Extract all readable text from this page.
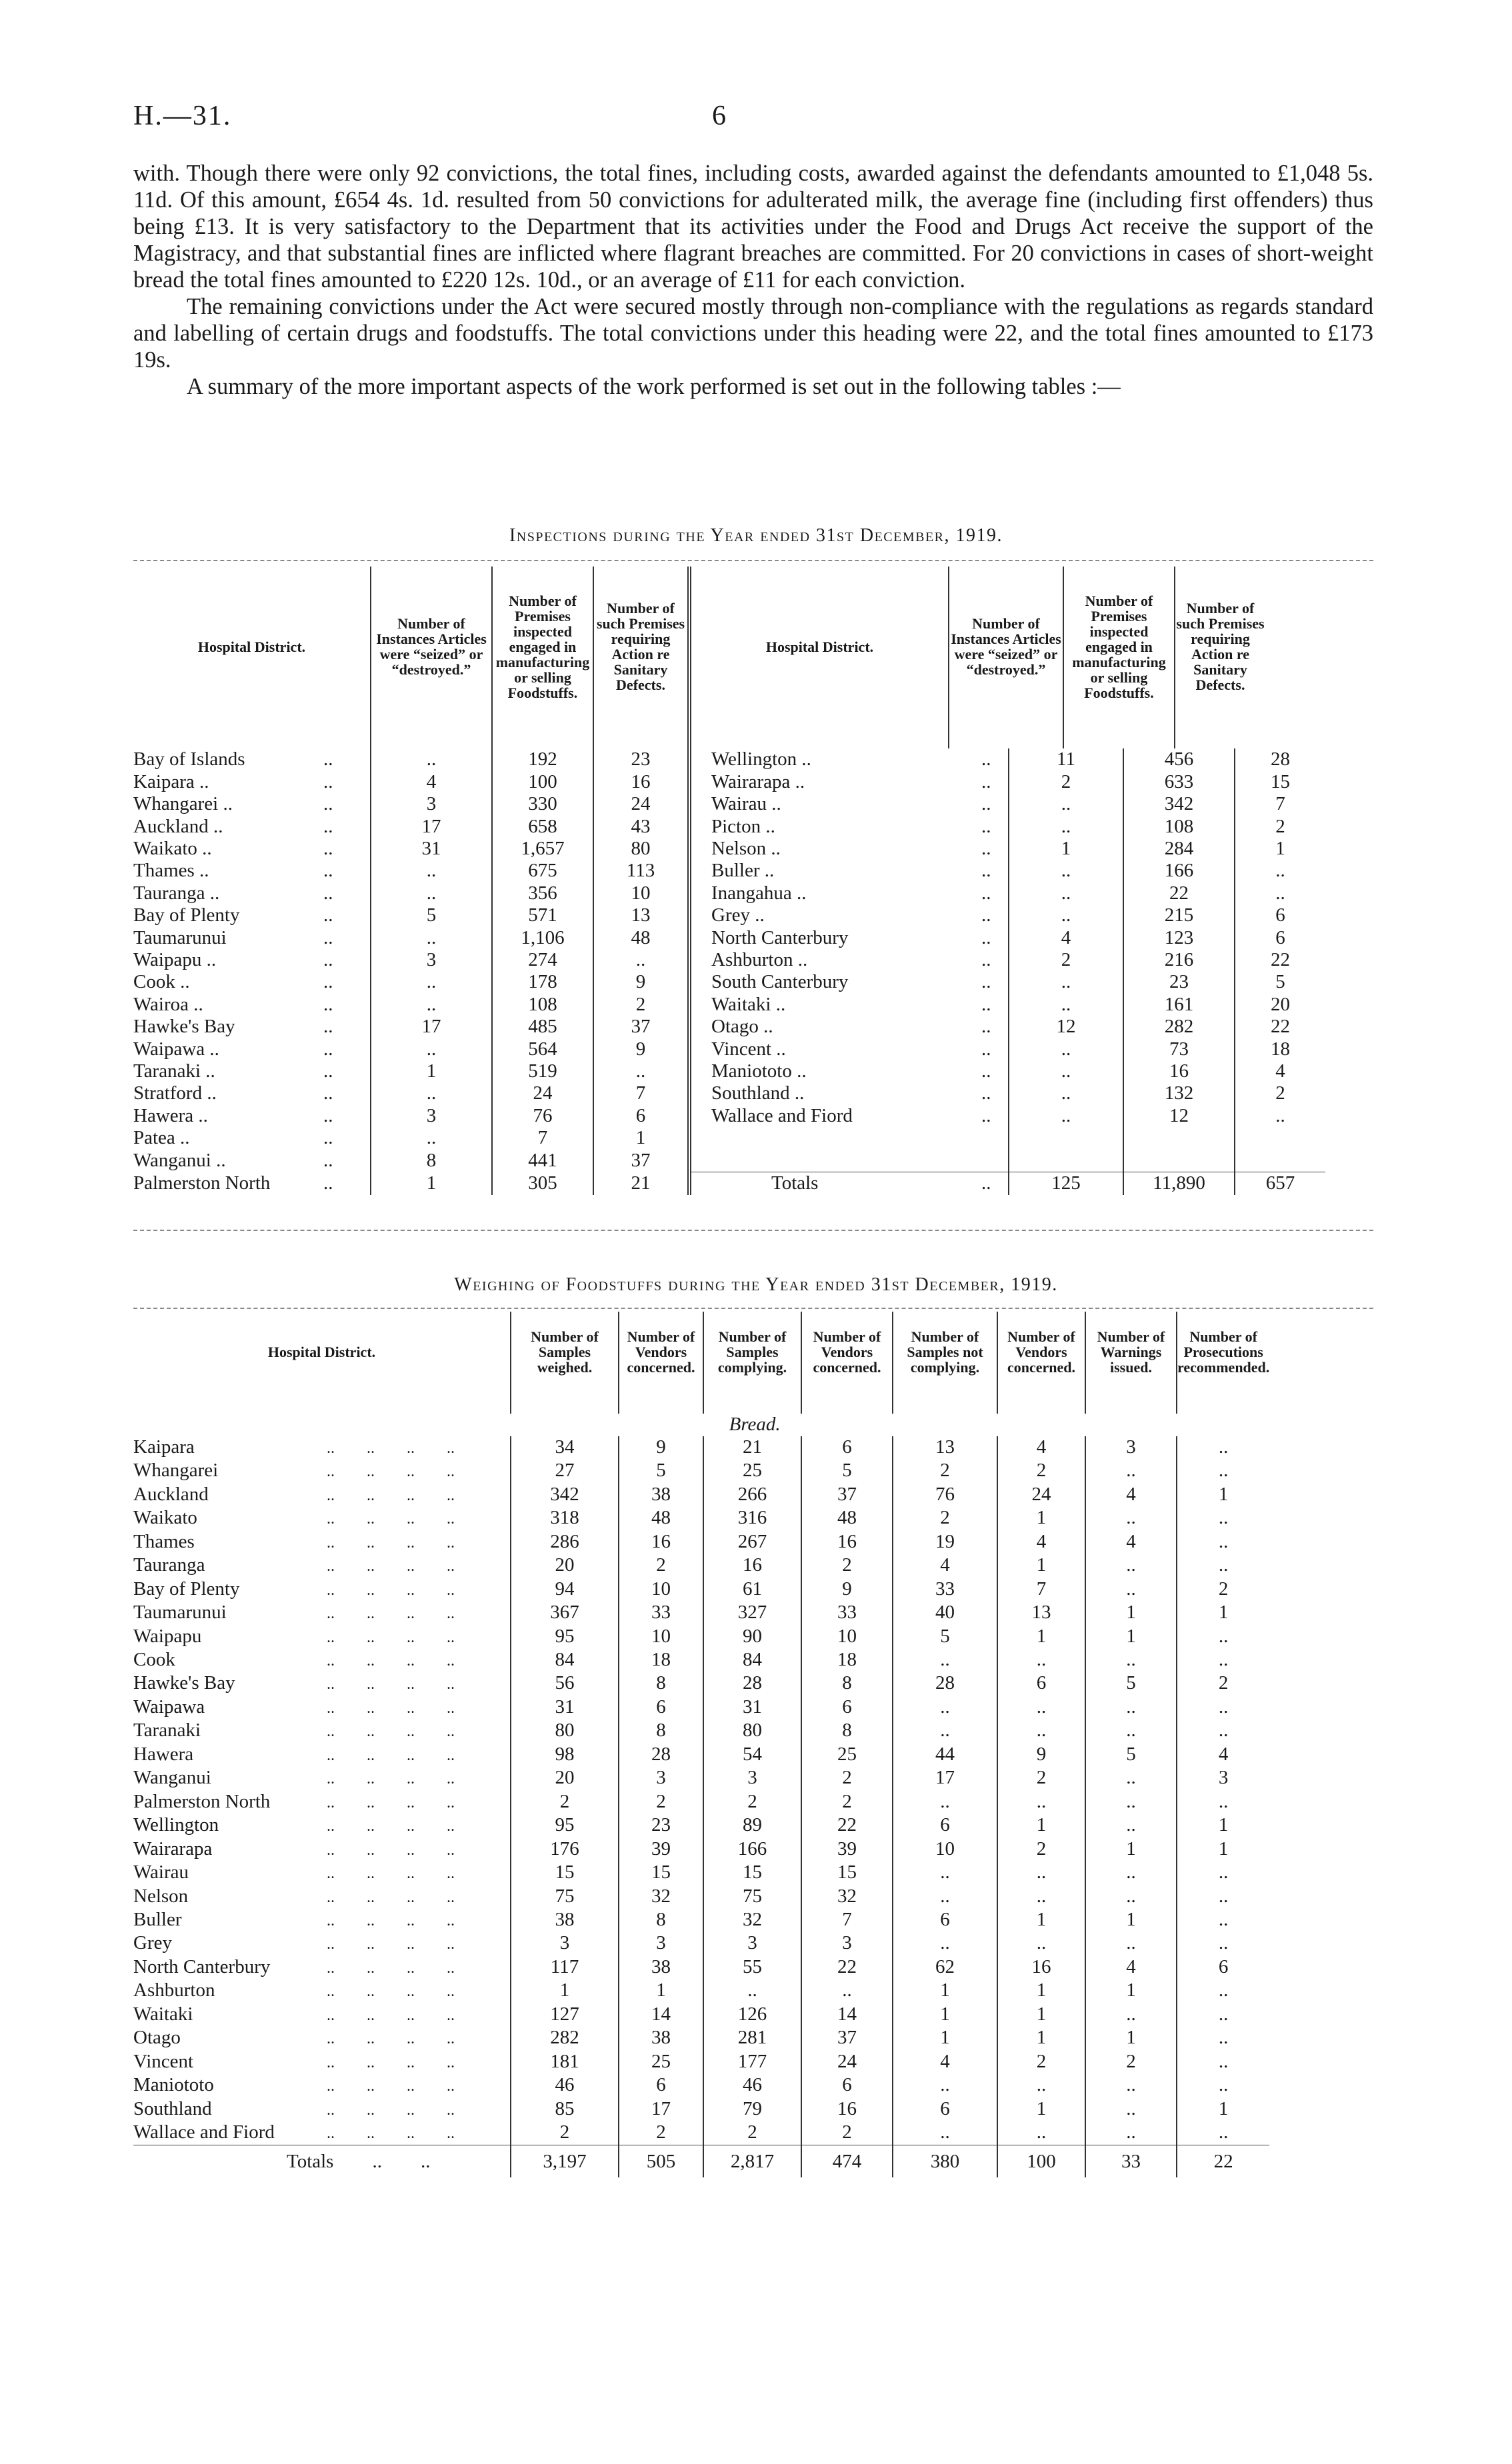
H.—31.	6

with. Though there were only 92 convictions, the total fines, including costs, awarded against the defendants amounted to £1,048 5s. 11d. Of this amount, £654 4s. 1d. resulted from 50 convictions for adulterated milk, the average fine (including first offenders) thus being £13. It is very satisfactory to the Department that its activities under the Food and Drugs Act receive the support of the Magistracy, and that substantial fines are inflicted where flagrant breaches are committed. For 20 convictions in cases of short-weight bread the total fines amounted to £220 12s. 10d., or an average of £11 for each conviction.

The remaining convictions under the Act were secured mostly through non-compliance with the regulations as regards standard and labelling of certain drugs and foodstuffs. The total convictions under this heading were 22, and the total fines amounted to £173 19s.

A summary of the more important aspects of the work performed is set out in the following tables :—

Inspections during the Year ended 31st December, 1919.
Hospital District.	Number of Instances Articles were “seized” or “destroyed.”	Number of Premises inspected engaged in manufacturing or selling Foodstuffs.	Number of such Premises requiring Action re Sanitary Defects.	Hospital District.	Number of Instances Articles were “seized” or “destroyed.”	Number of Premises inspected engaged in manufacturing or selling Foodstuffs.	Number of such Premises requiring Action re Sanitary Defects.

Bay of Islands	..	..	192	23	Wellington ..	..	11	456	28
Kaipara ..	..	4	100	16	Wairarapa ..	..	2	633	15
Whangarei ..	..	3	330	24	Wairau ..	..	..	342	7
Auckland ..	..	17	658	43	Picton ..	..	..	108	2
Waikato ..	..	31	1,657	80	Nelson ..	..	1	284	1
Thames ..	..	..	675	113	Buller ..	..	..	166	..
Tauranga ..	..	..	356	10	Inangahua ..	..	..	22	..
Bay of Plenty	..	5	571	13	Grey ..	..	..	215	6
Taumarunui	..	..	1,106	48	North Canterbury	..	4	123	6
Waipapu ..	..	3	274	..	Ashburton ..	..	2	216	22
Cook ..	..	..	178	9	South Canterbury	..	..	23	5
Wairoa ..	..	..	108	2	Waitaki ..	..	..	161	20
Hawke's Bay	..	17	485	37	Otago ..	..	12	282	22
Waipawa ..	..	..	564	9	Vincent ..	..	..	73	18
Taranaki ..	..	1	519	..	Maniototo ..	..	..	16	4
Stratford ..	..	..	24	7	Southland ..	..	..	132	2
Hawera ..	..	3	76	6	Wallace and Fiord	..	..	12	..
Patea ..	..	..	7	1					
Wanganui ..	..	8	441	37					
Palmerston North	..	1	305	21	Totals	..	125	11,890	657
Weighing of Foodstuffs during the Year ended 31st December, 1919.
Hospital District.	Number of Samples weighed.	Number of Vendors concerned.	Number of Samples complying.	Number of Vendors concerned.	Number of Samples not complying.	Number of Vendors concerned.	Number of Warnings issued.	Number of Prosecutions recommended.

Bread.								
Kaipara ..        ..        ..        ..	34	9	21	6	13	4	3	..
Whangarei ..        ..        ..        ..	27	5	25	5	2	2	..	..
Auckland ..        ..        ..        ..	342	38	266	37	76	24	4	1
Waikato ..        ..        ..        ..	318	48	316	48	2	1	..	..
Thames ..        ..        ..        ..	286	16	267	16	19	4	4	..
Tauranga ..        ..        ..        ..	20	2	16	2	4	1	..	..
Bay of Plenty ..        ..        ..        ..	94	10	61	9	33	7	..	2
Taumarunui ..        ..        ..        ..	367	33	327	33	40	13	1	1
Waipapu ..        ..        ..        ..	95	10	90	10	5	1	1	..
Cook ..        ..        ..        ..	84	18	84	18	..	..	..	..
Hawke's Bay ..        ..        ..        ..	56	8	28	8	28	6	5	2
Waipawa ..        ..        ..        ..	31	6	31	6	..	..	..	..
Taranaki ..        ..        ..        ..	80	8	80	8	..	..	..	..
Hawera ..        ..        ..        ..	98	28	54	25	44	9	5	4
Wanganui ..        ..        ..        ..	20	3	3	2	17	2	..	3
Palmerston North ..        ..        ..        ..	2	2	2	2	..	..	..	..
Wellington ..        ..        ..        ..	95	23	89	22	6	1	..	1
Wairarapa ..        ..        ..        ..	176	39	166	39	10	2	1	1
Wairau ..        ..        ..        ..	15	15	15	15	..	..	..	..
Nelson ..        ..        ..        ..	75	32	75	32	..	..	..	..
Buller ..        ..        ..        ..	38	8	32	7	6	1	1	..
Grey ..        ..        ..        ..	3	3	3	3	..	..	..	..
North Canterbury ..        ..        ..        ..	117	38	55	22	62	16	4	6
Ashburton ..        ..        ..        ..	1	1	..	..	1	1	1	..
Waitaki ..        ..        ..        ..	127	14	126	14	1	1	..	..
Otago ..        ..        ..        ..	282	38	281	37	1	1	1	..
Vincent ..        ..        ..        ..	181	25	177	24	4	2	2	..
Maniototo ..        ..        ..        ..	46	6	46	6	..	..	..	..
Southland ..        ..        ..        ..	85	17	79	16	6	1	..	1
Wallace and Fiord ..        ..        ..        ..	2	2	2	2	..	..	..	..
Totals        ..        ..	3,197	505	2,817	474	380	100	33	22
